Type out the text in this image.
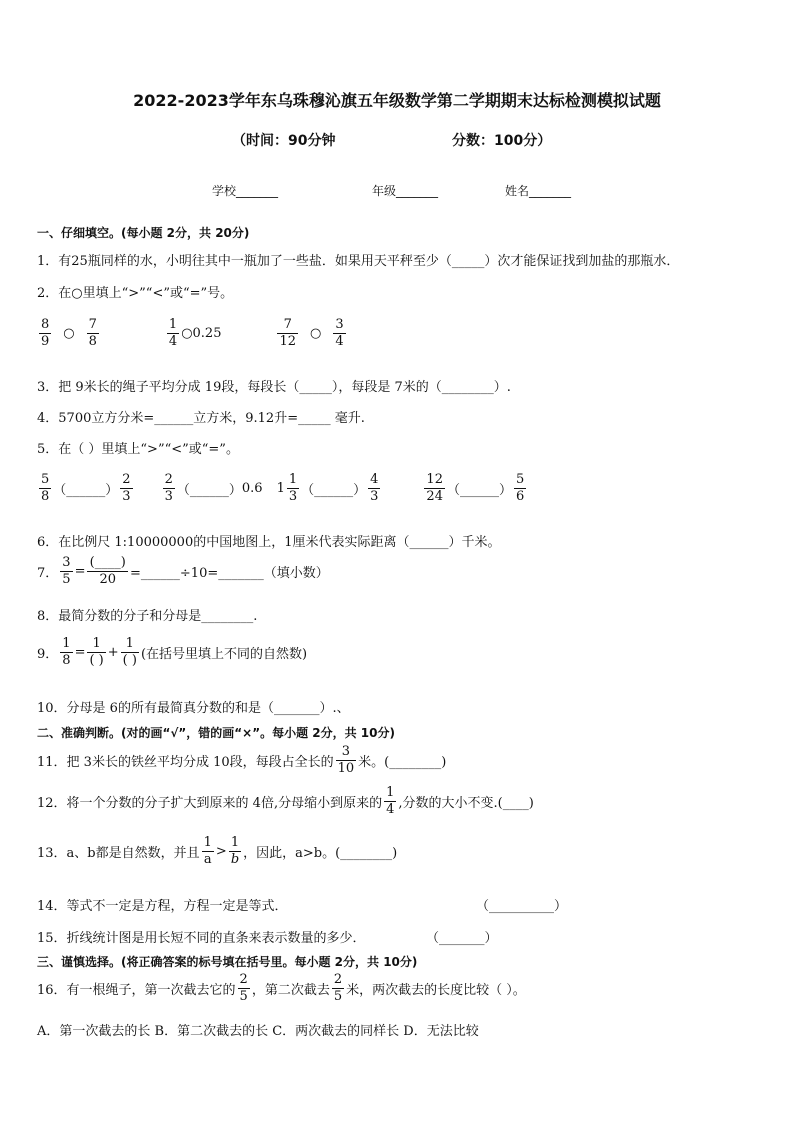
2022-2023学年东乌珠穆沁旗五年级数学第二学期期末达标检测模拟试题
（时间：90分钟	分数：100分）
学校_______	年级_______	姓名_______
一、仔细填空。(每小题 2分，共 20分)
1．有25瓶同样的水，小明往其中一瓶加了一些盐．如果用天平秤至少（_____）次才能保证找到加盐的那瓶水．
2．在○里填上“>”“<”或“=”号。
$\frac{8}{9}$ ○ $\frac{7}{8}$	$\frac{1}{4}$ ○0.25	$\frac{7}{12}$ ○ $\frac{3}{4}$
3．把 9米长的绳子平均分成 19段，每段长（_____），每段是 7米的（________）.
4．5700立方分米=______立方米，9.12升=_____ 毫升.
5．在（ ）里填上“>”“<”或“=”。
$\frac{5}{8}$ （______） $\frac{2}{3} \frac{2}{3}$ （______） 0.6 $1 \frac{1}{3}$ （______） $\frac{4}{3}$	$\frac{12}{24}$ （______） $\frac{5}{6}$
6．在比例尺 1:10000000的中国地图上，1厘米代表实际距离（______）千米。
7． $\frac{3}{5} = \frac{(\_\_\_\_)}{20}$ =______÷10=_______（填小数）
8．最简分数的分子和分母是________.
9． $\frac{1}{8} = \frac{1}{( )} + \frac{1}{( )}$ (在括号里填上不同的自然数)
10．分母是 6的所有最简真分数的和是（_______）.、
二、准确判断。(对的画“√”，错的画“×”。每小题 2分，共 10分)
11．把 3米长的铁丝平均分成 10段，每段占全长的 $\frac{3}{10}$ 米。(________)
12．将一个分数的分子扩大到原来的 4倍,分母缩小到原来的 $\frac{1}{4}$ ,分数的大小不变.(____)
13．a、b都是自然数，并且 $\frac{1}{a} > \frac{1}{b}$ ，因此，a>b。(________)
14．等式不一定是方程，方程一定是等式．	（__________）
15．折线统计图是用长短不同的直条来表示数量的多少．	（_______）
三、谨慎选择。(将正确答案的标号填在括号里。每小题 2分，共 10分)
16．有一根绳子，第一次截去它的 $\frac{2}{5}$ ，第二次截去 $\frac{2}{5}$ 米，两次截去的长度比较（ ）。
A．第一次截去的长 B．第二次截去的长 C．两次截去的同样长 D．无法比较
